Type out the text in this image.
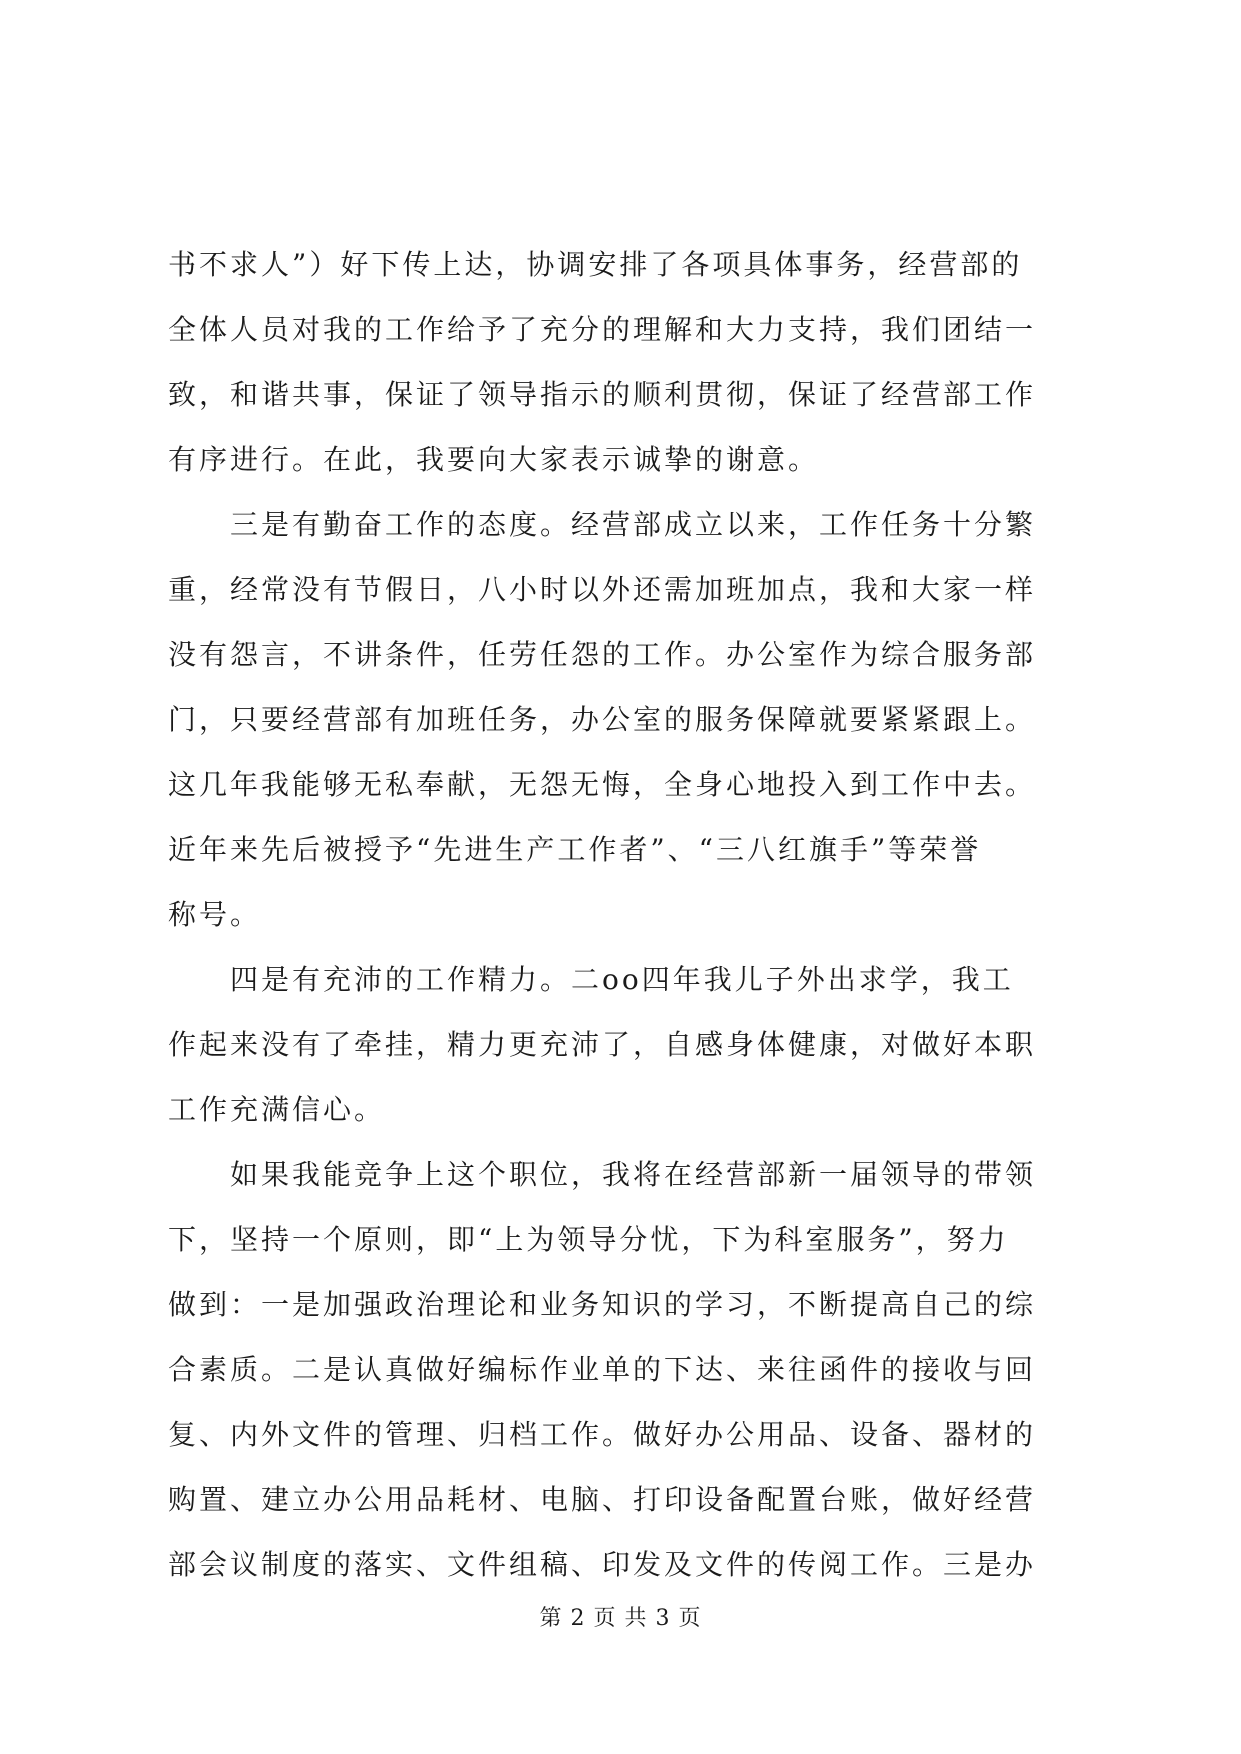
书不求人”）好下传上达，协调安排了各项具体事务，经营部的
全体人员对我的工作给予了充分的理解和大力支持，我们团结一
致，和谐共事，保证了领导指示的顺利贯彻，保证了经营部工作
有序进行。在此，我要向大家表示诚挚的谢意。
　　三是有勤奋工作的态度。经营部成立以来，工作任务十分繁
重，经常没有节假日，八小时以外还需加班加点，我和大家一样
没有怨言，不讲条件，任劳任怨的工作。办公室作为综合服务部
门，只要经营部有加班任务，办公室的服务保障就要紧紧跟上。
这几年我能够无私奉献，无怨无悔，全身心地投入到工作中去。
近年来先后被授予“先进生产工作者”、“三八红旗手”等荣誉
称号。
　　四是有充沛的工作精力。二oo四年我儿子外出求学，我工
作起来没有了牵挂，精力更充沛了，自感身体健康，对做好本职
工作充满信心。
　　如果我能竞争上这个职位，我将在经营部新一届领导的带领
下，坚持一个原则，即“上为领导分忧，下为科室服务”，努力
做到：一是加强政治理论和业务知识的学习，不断提高自己的综
合素质。二是认真做好编标作业单的下达、来往函件的接收与回
复、内外文件的管理、归档工作。做好办公用品、设备、器材的
购置、建立办公用品耗材、电脑、打印设备配置台账，做好经营
部会议制度的落实、文件组稿、印发及文件的传阅工作。三是办
第 2 页 共 3 页
